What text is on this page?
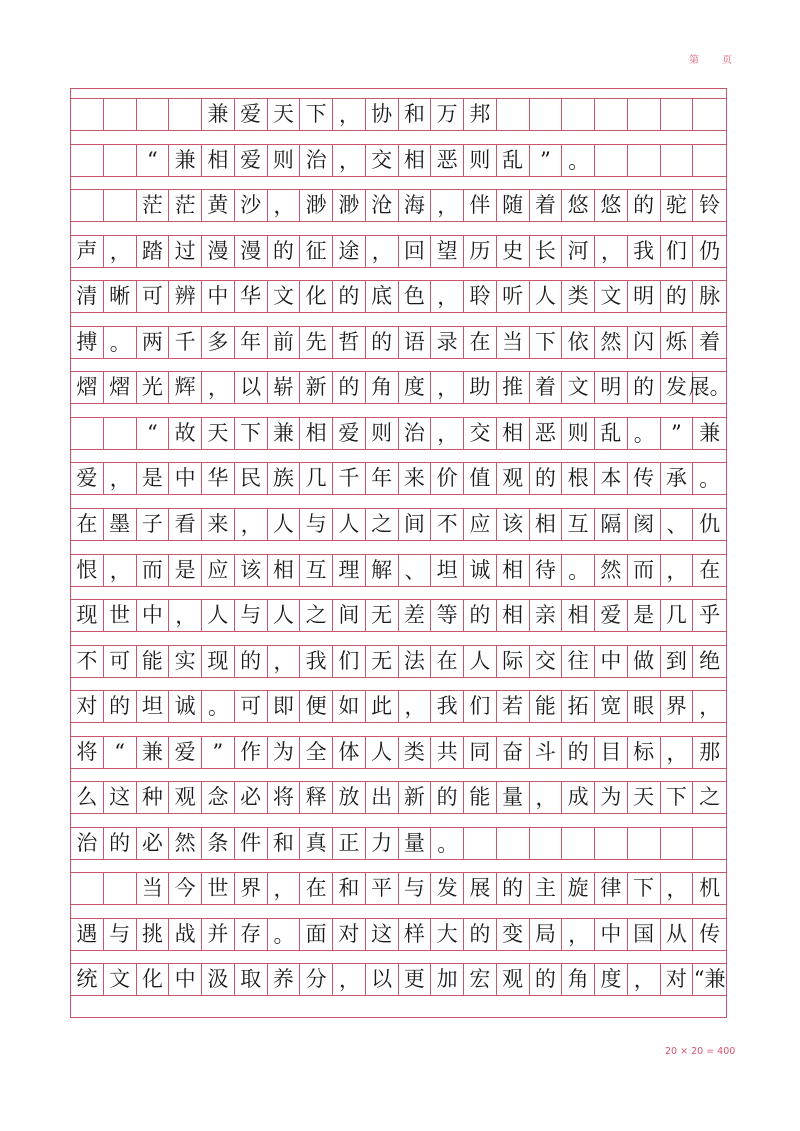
第 页
兼 爱 天 下 ， 协 和 万 邦
“ 兼 相 爱 则 治 ， 交 相 恶 则 乱 ” 。
茫 茫 黄 沙 ， 渺 渺 沧 海 ， 伴 随 着 悠 悠 的 驼 铃
声 ， 踏 过 漫 漫 的 征 途 ， 回 望 历 史 长 河 ， 我 们 仍
清 晰 可 辨 中 华 文 化 的 底 色 ， 聆 听 人 类 文 明 的 脉
搏 。 两 千 多 年 前 先 哲 的 语 录 在 当 下 依 然 闪 烁 着
熠 熠 光 辉 ， 以 崭 新 的 角 度 ， 助 推 着 文 明 的 发 展。
“ 故 天 下 兼 相 爱 则 治 ， 交 相 恶 则 乱 。 ” 兼
爱 ， 是 中 华 民 族 几 千 年 来 价 值 观 的 根 本 传 承 。
在 墨 子 看 来 ， 人 与 人 之 间 不 应 该 相 互 隔 阂 、 仇
恨 ， 而 是 应 该 相 互 理 解 、 坦 诚 相 待 。 然 而 ， 在
现 世 中 ， 人 与 人 之 间 无 差 等 的 相 亲 相 爱 是 几 乎
不 可 能 实 现 的 ， 我 们 无 法 在 人 际 交 往 中 做 到 绝
对 的 坦 诚 。 可 即 便 如 此 ， 我 们 若 能 拓 宽 眼 界 ，
将 “ 兼 爱 ” 作 为 全 体 人 类 共 同 奋 斗 的 目 标 ， 那
么 这 种 观 念 必 将 释 放 出 新 的 能 量 ， 成 为 天 下 之
治 的 必 然 条 件 和 真 正 力 量 。
当 今 世 界 ， 在 和 平 与 发 展 的 主 旋 律 下 ， 机
遇 与 挑 战 并 存 。 面 对 这 样 大 的 变 局 ， 中 国 从 传
统 文 化 中 汲 取 养 分 ， 以 更 加 宏 观 的 角 度 ， 对 “兼
20 × 20 = 400
